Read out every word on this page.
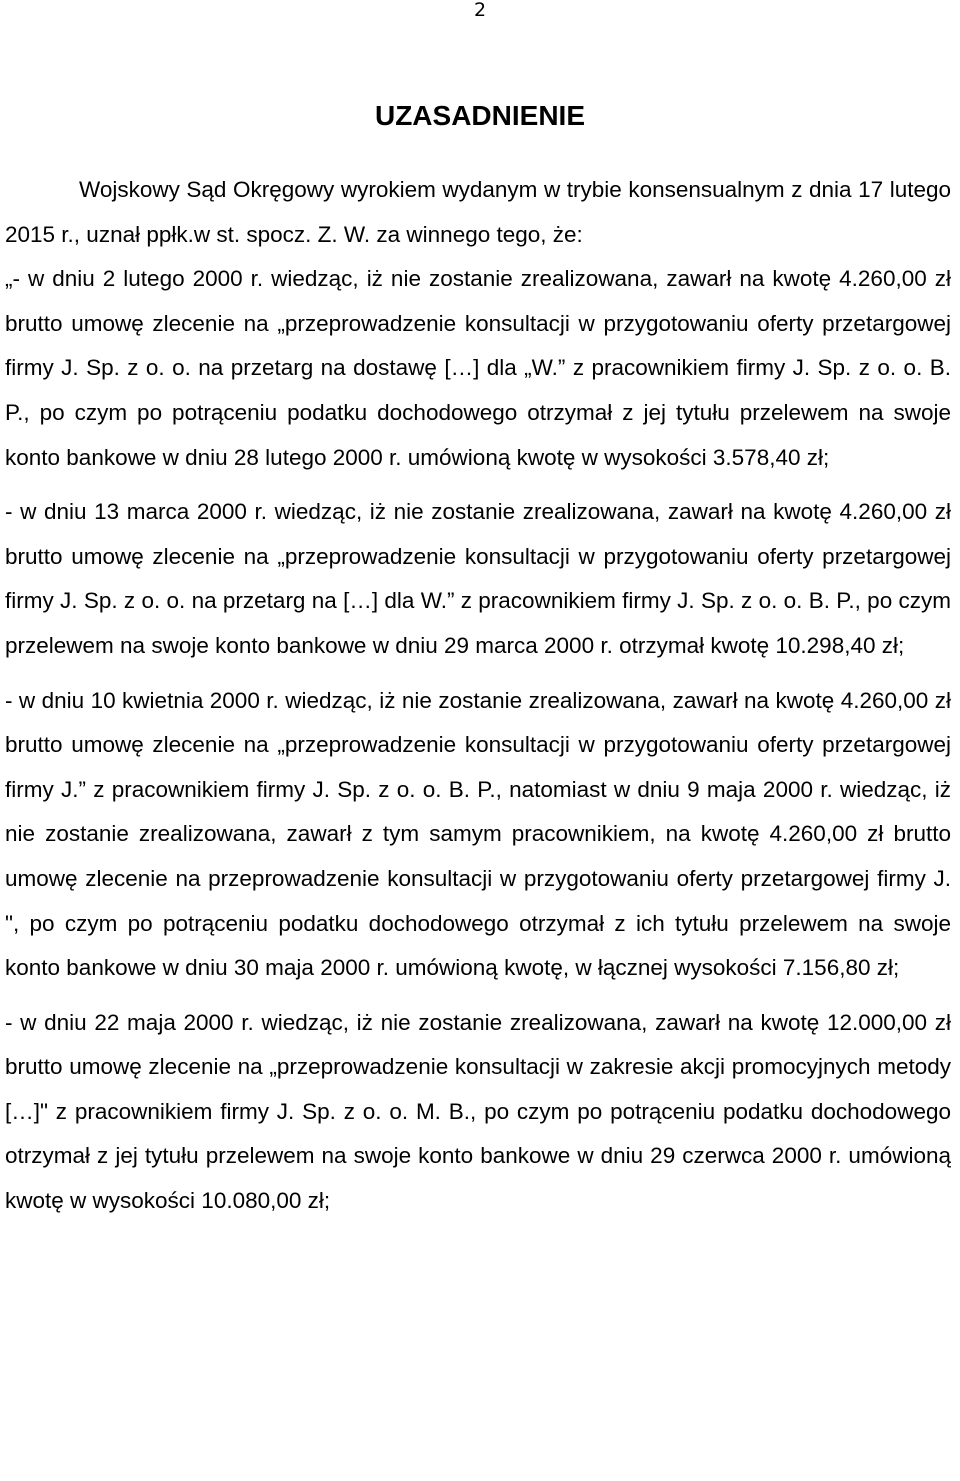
2
UZASADNIENIE

Wojskowy Sąd Okręgowy wyrokiem wydanym w trybie konsensualnym z dnia 17 lutego 2015 r., uznał ppłk.w st. spocz. Z. W. za winnego tego, że:

„- w dniu 2 lutego 2000 r. wiedząc, iż nie zostanie zrealizowana, zawarł na kwotę 4.260,00 zł brutto umowę zlecenie na „przeprowadzenie konsultacji w przygotowaniu oferty przetargowej firmy J. Sp. z o. o. na przetarg na dostawę […] dla „W.” z pracownikiem firmy J. Sp. z o. o. B. P., po czym po potrąceniu podatku dochodowego otrzymał z jej tytułu przelewem na swoje konto bankowe w dniu 28 lutego 2000 r. umówioną kwotę w wysokości 3.578,40 zł;

- w dniu 13 marca 2000 r. wiedząc, iż nie zostanie zrealizowana, zawarł na kwotę 4.260,00 zł brutto umowę zlecenie na „przeprowadzenie konsultacji w przygotowaniu oferty przetargowej firmy J. Sp. z o. o. na przetarg na […] dla W.” z pracownikiem firmy J. Sp. z o. o. B. P., po czym przelewem na swoje konto bankowe w dniu 29 marca 2000 r. otrzymał kwotę 10.298,40 zł;

- w dniu 10 kwietnia 2000 r. wiedząc, iż nie zostanie zrealizowana, zawarł na kwotę 4.260,00 zł brutto umowę zlecenie na „przeprowadzenie konsultacji w przygotowaniu oferty przetargowej firmy J.” z pracownikiem firmy J. Sp. z o. o. B. P., natomiast w dniu 9 maja 2000 r. wiedząc, iż nie zostanie zrealizowana, zawarł z tym samym pracownikiem, na kwotę 4.260,00 zł brutto umowę zlecenie na przeprowadzenie konsultacji w przygotowaniu oferty przetargowej firmy J. ", po czym po potrąceniu podatku dochodowego otrzymał z ich tytułu przelewem na swoje konto bankowe w dniu 30 maja 2000 r. umówioną kwotę, w łącznej wysokości 7.156,80 zł;

- w dniu 22 maja 2000 r. wiedząc, iż nie zostanie zrealizowana, zawarł na kwotę 12.000,00 zł brutto umowę zlecenie na „przeprowadzenie konsultacji w zakresie akcji promocyjnych metody […]" z pracownikiem firmy J. Sp. z o. o. M. B., po czym po potrąceniu podatku dochodowego otrzymał z jej tytułu przelewem na swoje konto bankowe w dniu 29 czerwca 2000 r. umówioną kwotę w wysokości 10.080,00 zł;
